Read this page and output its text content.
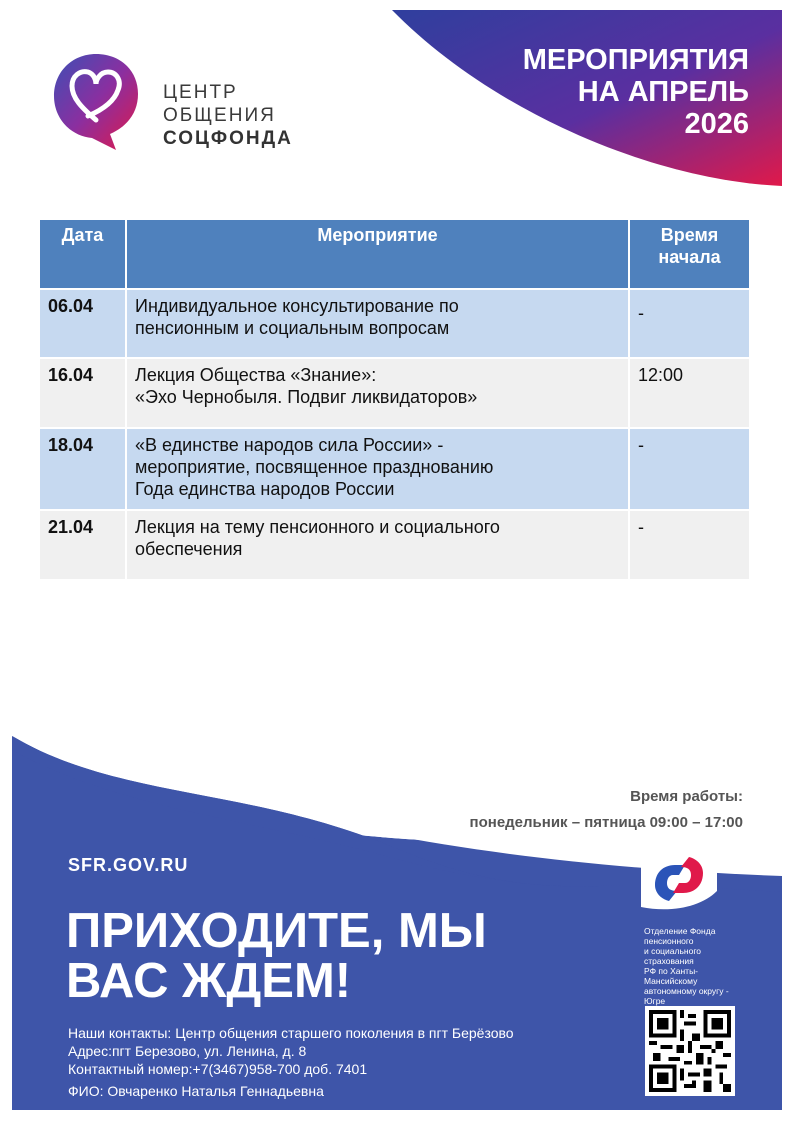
МЕРОПРИЯТИЯ
НА АПРЕЛЬ
2026
ЦЕНТР
ОБЩЕНИЯ
СОЦФОНДА
Дата	Мероприятие	Время начала
06.04	Индивидуальное консультирование по
пенсионным и социальным вопросам	-
16.04	Лекция Общества «Знание»:
«Эхо Чернобыля. Подвиг ликвидаторов»	12:00
18.04	«В единстве народов сила России» -
мероприятие, посвященное празднованию
Года единства народов России	-
21.04	Лекция на тему пенсионного и социального
обеспечения	-
Время работы:
понедельник – пятница 09:00 – 17:00
SFR.GOV.RU
ПРИХОДИТЕ, МЫ
ВАС ЖДЕМ!
Наши контакты: Центр общения старшего поколения в пгт Берёзово
Адрес:пгт Березово, ул. Ленина, д. 8
Контактный номер:+7(3467)958-700 доб. 7401
ФИО: Овчаренко Наталья Геннадьевна
Отделение Фонда
пенсионного
и социального страхования
РФ по Ханты-Мансийскому
автономному округу - Югре
